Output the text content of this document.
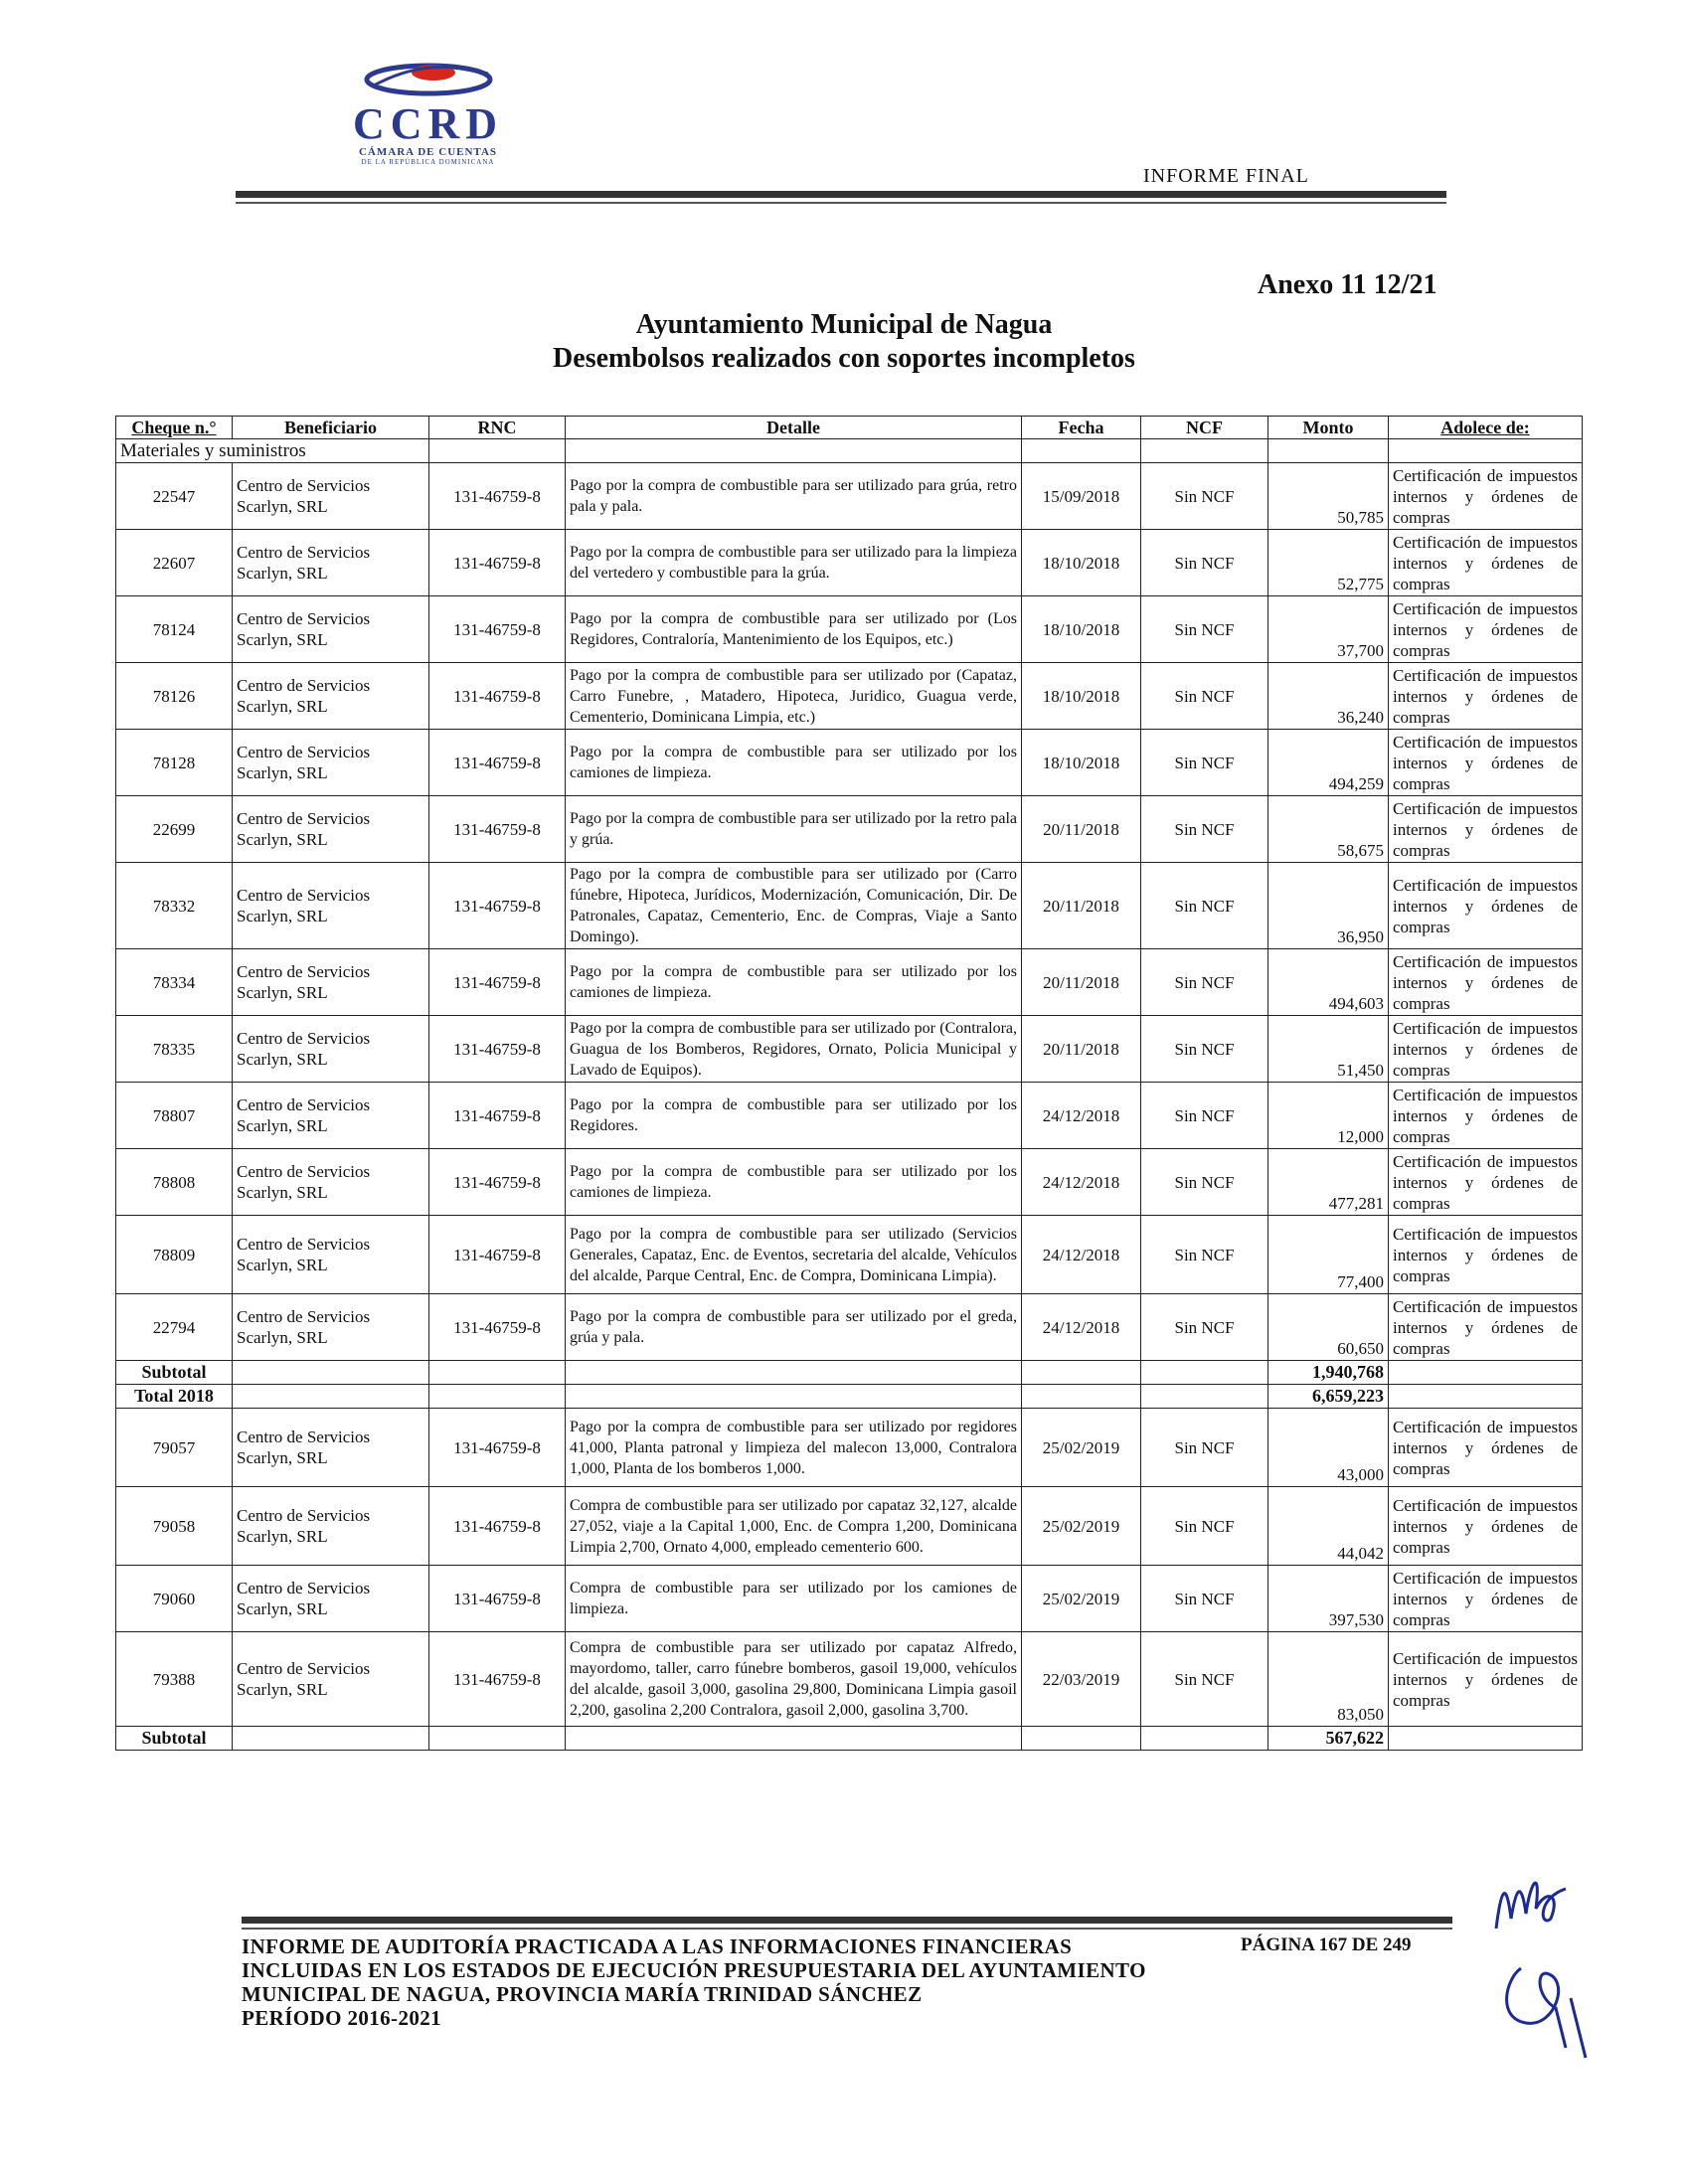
CCRD
CÁMARA DE CUENTAS
DE LA REPÚBLICA DOMINICANA
INFORME FINAL
Anexo 11 12/21
Ayuntamiento Municipal de Nagua
Desembolsos realizados con soportes incompletos
Cheque n.°	Beneficiario	RNC	Detalle	Fecha	NCF	Monto	Adolece de:
Materiales y suministros							
22547	Centro de Servicios Scarlyn, SRL	131-46759-8	Pago por la compra de combustible para ser utilizado para grúa, retro pala y pala.	15/09/2018	Sin NCF	50,785	Certificación de impuestos internos y órdenes de compras
22607	Centro de Servicios Scarlyn, SRL	131-46759-8	Pago por la compra de combustible para ser utilizado para la limpieza del vertedero y combustible para la grúa.	18/10/2018	Sin NCF	52,775	Certificación de impuestos internos y órdenes de compras
78124	Centro de Servicios Scarlyn, SRL	131-46759-8	Pago por la compra de combustible para ser utilizado por (Los Regidores, Contraloría, Mantenimiento de los Equipos, etc.)	18/10/2018	Sin NCF	37,700	Certificación de impuestos internos y órdenes de compras
78126	Centro de Servicios Scarlyn, SRL	131-46759-8	Pago por la compra de combustible para ser utilizado por (Capataz, Carro Funebre, , Matadero, Hipoteca, Juridico, Guagua verde, Cementerio, Dominicana Limpia, etc.)	18/10/2018	Sin NCF	36,240	Certificación de impuestos internos y órdenes de compras
78128	Centro de Servicios Scarlyn, SRL	131-46759-8	Pago por la compra de combustible para ser utilizado por los camiones de limpieza.	18/10/2018	Sin NCF	494,259	Certificación de impuestos internos y órdenes de compras
22699	Centro de Servicios Scarlyn, SRL	131-46759-8	Pago por la compra de combustible para ser utilizado por la retro pala y grúa.	20/11/2018	Sin NCF	58,675	Certificación de impuestos internos y órdenes de compras
78332	Centro de Servicios Scarlyn, SRL	131-46759-8	Pago por la compra de combustible para ser utilizado por (Carro fúnebre, Hipoteca, Jurídicos, Modernización, Comunicación, Dir. De Patronales, Capataz, Cementerio, Enc. de Compras, Viaje a Santo Domingo).	20/11/2018	Sin NCF	36,950	Certificación de impuestos internos y órdenes de compras
78334	Centro de Servicios Scarlyn, SRL	131-46759-8	Pago por la compra de combustible para ser utilizado por los camiones de limpieza.	20/11/2018	Sin NCF	494,603	Certificación de impuestos internos y órdenes de compras
78335	Centro de Servicios Scarlyn, SRL	131-46759-8	Pago por la compra de combustible para ser utilizado por (Contralora, Guagua de los Bomberos, Regidores, Ornato, Policia Municipal y Lavado de Equipos).	20/11/2018	Sin NCF	51,450	Certificación de impuestos internos y órdenes de compras
78807	Centro de Servicios Scarlyn, SRL	131-46759-8	Pago por la compra de combustible para ser utilizado por los Regidores.	24/12/2018	Sin NCF	12,000	Certificación de impuestos internos y órdenes de compras
78808	Centro de Servicios Scarlyn, SRL	131-46759-8	Pago por la compra de combustible para ser utilizado por los camiones de limpieza.	24/12/2018	Sin NCF	477,281	Certificación de impuestos internos y órdenes de compras
78809	Centro de Servicios Scarlyn, SRL	131-46759-8	Pago por la compra de combustible para ser utilizado (Servicios Generales, Capataz, Enc. de Eventos, secretaria del alcalde, Vehículos del alcalde, Parque Central, Enc. de Compra, Dominicana Limpia).	24/12/2018	Sin NCF	77,400	Certificación de impuestos internos y órdenes de compras
22794	Centro de Servicios Scarlyn, SRL	131-46759-8	Pago por la compra de combustible para ser utilizado por el greda, grúa y pala.	24/12/2018	Sin NCF	60,650	Certificación de impuestos internos y órdenes de compras
Subtotal						1,940,768	
Total 2018						6,659,223	
79057	Centro de Servicios Scarlyn, SRL	131-46759-8	Pago por la compra de combustible para ser utilizado por regidores 41,000, Planta patronal y limpieza del malecon 13,000, Contralora 1,000, Planta de los bomberos 1,000.	25/02/2019	Sin NCF	43,000	Certificación de impuestos internos y órdenes de compras
79058	Centro de Servicios Scarlyn, SRL	131-46759-8	Compra de combustible para ser utilizado por capataz 32,127, alcalde 27,052, viaje a la Capital 1,000, Enc. de Compra 1,200, Dominicana Limpia 2,700, Ornato 4,000, empleado cementerio 600.	25/02/2019	Sin NCF	44,042	Certificación de impuestos internos y órdenes de compras
79060	Centro de Servicios Scarlyn, SRL	131-46759-8	Compra de combustible para ser utilizado por los camiones de limpieza.	25/02/2019	Sin NCF	397,530	Certificación de impuestos internos y órdenes de compras
79388	Centro de Servicios Scarlyn, SRL	131-46759-8	Compra de combustible para ser utilizado por capataz Alfredo, mayordomo, taller, carro fúnebre bomberos, gasoil 19,000, vehículos del alcalde, gasoil 3,000, gasolina 29,800, Dominicana Limpia gasoil 2,200, gasolina 2,200 Contralora, gasoil 2,000, gasolina 3,700.	22/03/2019	Sin NCF	83,050	Certificación de impuestos internos y órdenes de compras
Subtotal						567,622	
INFORME DE AUDITORÍA PRACTICADA A LAS INFORMACIONES FINANCIERAS
INCLUIDAS EN LOS ESTADOS DE EJECUCIÓN PRESUPUESTARIA DEL AYUNTAMIENTO
MUNICIPAL DE NAGUA, PROVINCIA MARÍA TRINIDAD SÁNCHEZ
PERÍODO 2016-2021
PÁGINA 167 DE 249
